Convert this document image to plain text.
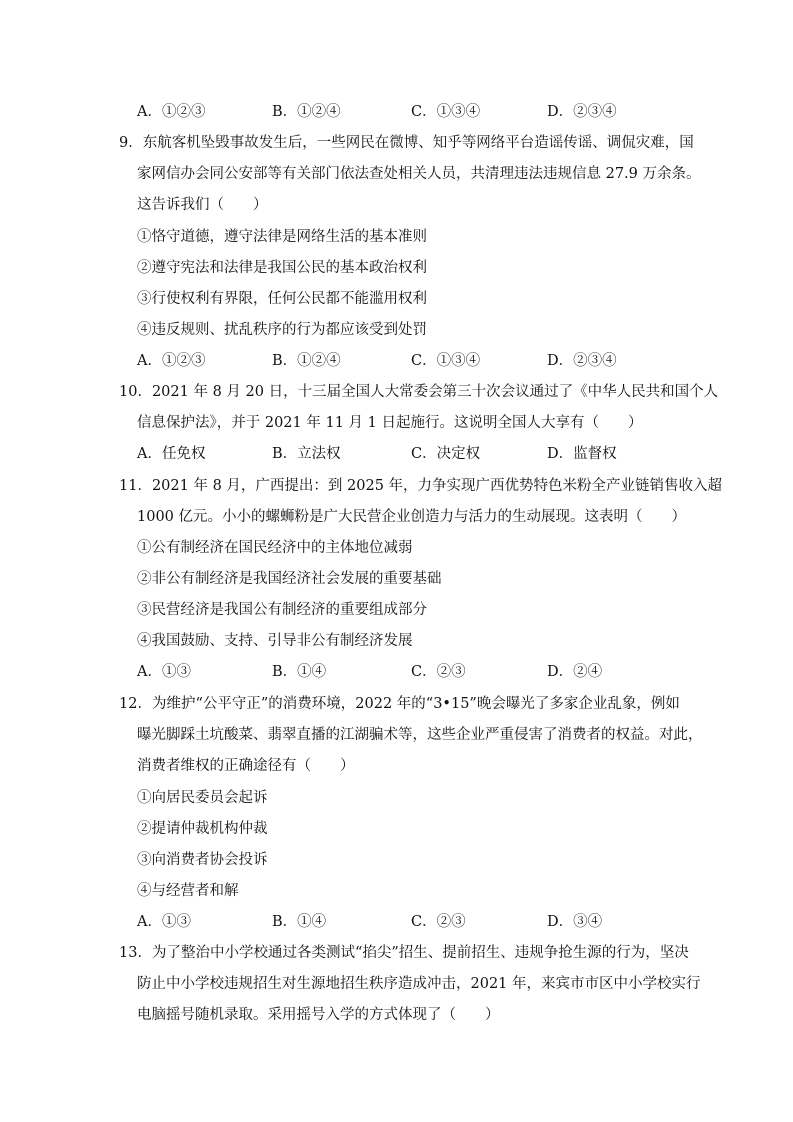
A．①②③	B．①②④	C．①③④	D．②③④
9．东航客机坠毁事故发生后，一些网民在微博、知乎等网络平台造谣传谣、调侃灾难，国
家网信办会同公安部等有关部门依法查处相关人员，共清理违法违规信息 27.9 万余条。
这告诉我们（　　）
①恪守道德，遵守法律是网络生活的基本准则
②遵守宪法和法律是我国公民的基本政治权利
③行使权利有界限，任何公民都不能滥用权利
④违反规则、扰乱秩序的行为都应该受到处罚
A．①②③	B．①②④	C．①③④	D．②③④
10．2021 年 8 月 20 日，十三届全国人大常委会第三十次会议通过了《中华人民共和国个人
信息保护法》，并于 2021 年 11 月 1 日起施行。这说明全国人大享有（　　）
A．任免权	B．立法权	C．决定权	D．监督权
11．2021 年 8 月，广西提出：到 2025 年，力争实现广西优势特色米粉全产业链销售收入超
1000 亿元。小小的螺蛳粉是广大民营企业创造力与活力的生动展现。这表明（　　）
①公有制经济在国民经济中的主体地位减弱
②非公有制经济是我国经济社会发展的重要基础
③民营经济是我国公有制经济的重要组成部分
④我国鼓励、支持、引导非公有制经济发展
A．①③	B．①④	C．②③	D．②④
12．为维护“公平守正”的消费环境，2022 年的“3•15”晚会曝光了多家企业乱象，例如
曝光脚踩土坑酸菜、翡翠直播的江湖骗术等，这些企业严重侵害了消费者的权益。对此，
消费者维权的正确途径有（　　）
①向居民委员会起诉
②提请仲裁机构仲裁
③向消费者协会投诉
④与经营者和解
A．①③	B．①④	C．②③	D．③④
13．为了整治中小学校通过各类测试“掐尖”招生、提前招生、违规争抢生源的行为，坚决
防止中小学校违规招生对生源地招生秩序造成冲击，2021 年，来宾市市区中小学校实行
电脑摇号随机录取。采用摇号入学的方式体现了（　　）
